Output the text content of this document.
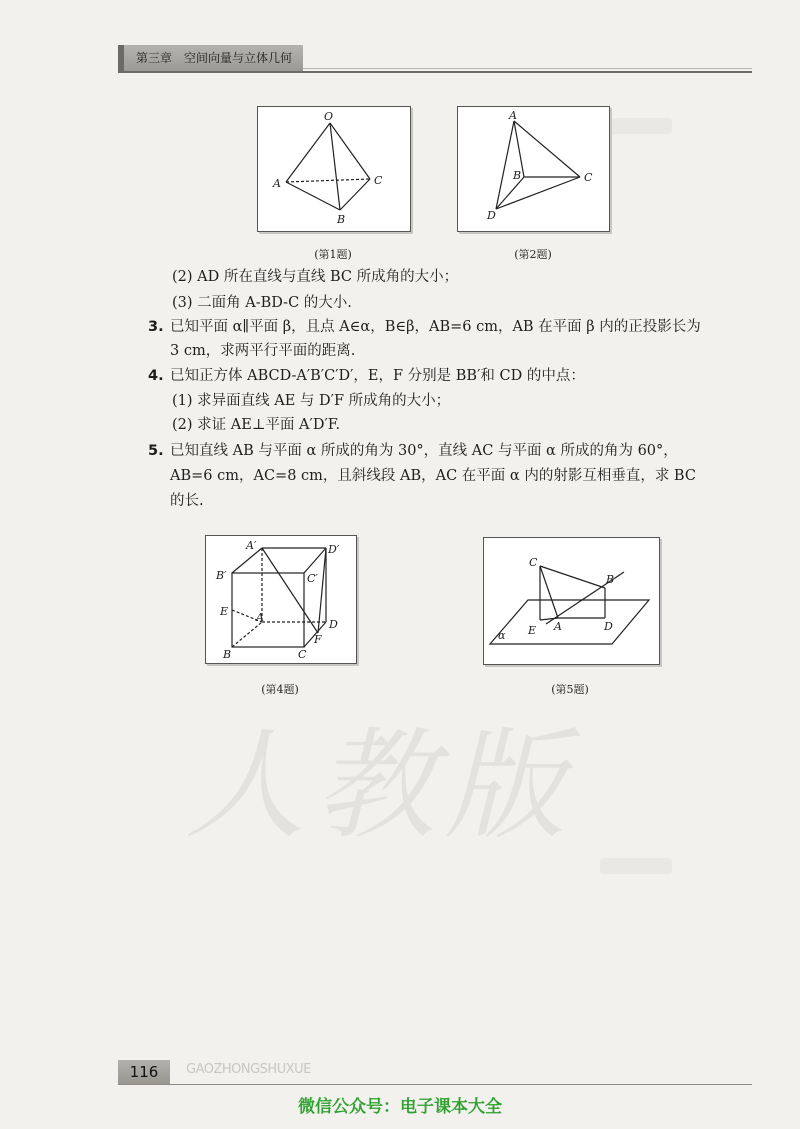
第三章　空间向量与立体几何
人教版
O
A	C
B
(第1题)
A
B	C
D
(第2题)
(2) AD 所在直线与直线 BC 所成角的大小；
(3) 二面角 A-BD-C 的大小.
3. 已知平面 α∥平面 β，且点 A∈α，B∈β，AB=6 cm，AB 在平面 β 内的正投影长为
3 cm，求两平行平面的距离.
4. 已知正方体 ABCD-A′B′C′D′，E，F 分别是 BB′和 CD 的中点：
(1) 求异面直线 AE 与 D′F 所成角的大小；
(2) 求证 AE⊥平面 A′D′F.
5. 已知直线 AB 与平面 α 所成的角为 30°，直线 AC 与平面 α 所成的角为 60°，
AB=6 cm，AC=8 cm，且斜线段 AB，AC 在平面 α 内的射影互相垂直，求 BC
的长.
A′	D′
B′	C′
E	A
D
F
B	C
(第4题)
C
B
E A	D
α
(第5题)
116	GAOZHONGSHUXUE
微信公众号：电子课本大全
